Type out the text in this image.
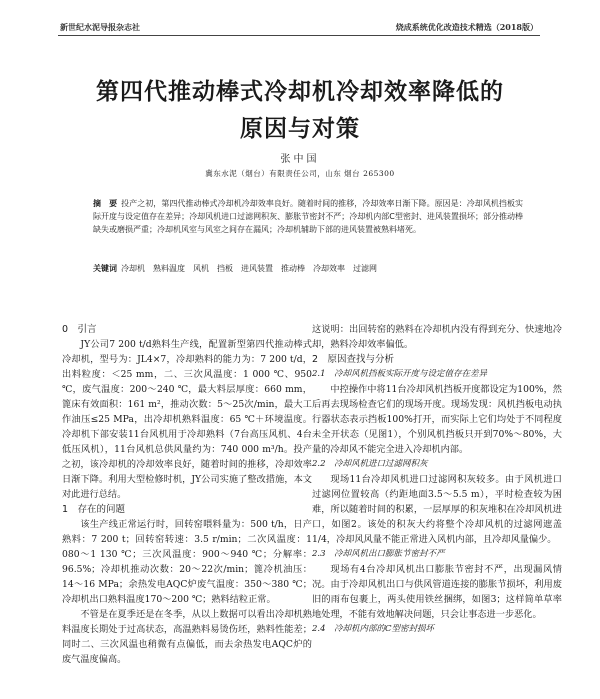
新世纪水泥导报杂志社	烧成系统优化改造技术精选（2018版）
第四代推动棒式冷却机冷却效率降低的
原因与对策
张中国
冀东水泥（烟台）有限责任公司，山东 烟台 265300
摘　要 投产之初，第四代推动棒式冷却机冷却效率良好。随着时间的推移，冷却效率日渐下降。原因是：冷却风机挡板实际开度与设定值存在差异；冷却风机进口过滤网积灰、膨胀节密封不严；冷却机内部C型密封、进风装置损坏；部分推动棒缺失或磨损严重；冷却机风室与风室之间存在漏风；冷却机辅助下部的进风装置被熟料堵死。
关键词 冷却机　熟料温度　风机　挡板　进风装置　推动棒　冷却效率　过滤网
0　引言

JY公司7 200 t/d熟料生产线，配置新型第四代推动棒式冷却机，型号为：JL4×7，冷却熟料的能力为：7 200 t/d，出料粒度：＜25 mm，二、三次风温度：1 000 ℃、950 ℃，废气温度：200～240 ℃，最大料层厚度：660 mm，篦床有效面积：161 m²，推动次数：5～25次/min，最大工作油压≤25 MPa，出冷却机熟料温度：65 ℃＋环境温度。冷却机下部安装11台风机用于冷却熟料（7台高压风机、4台低压风机），11台风机总供风量约为：740 000 m³/h。投产之初，该冷却机的冷却效率良好，随着时间的推移，冷却效率日渐下降。利用大型检修时机，JY公司实施了整改措施，本文对此进行总结。

1　存在的问题

该生产线正常运行时，回转窑喂料量为：500 t/h，日产熟料：7 200 t；回转窑转速：3.5 r/min；二次风温度：1 080～1 130 ℃；三次风温度：900～940 ℃；分解率：96.5%；冷却机推动次数：20～22次/min；篦冷机油压：14～16 MPa；余热发电AQC炉废气温度：350～380 ℃；冷却机出口熟料温度170～200 ℃；熟料结粒正常。

不管是在夏季还是在冬季，从以上数据可以看出冷却机熟料温度长期处于过高状态，高温熟料易烫伤坯，熟料性能差；同时二、三次风温也稍微有点偏低，而去余热发电AQC炉的废气温度偏高。

这说明：出回转窑的熟料在冷却机内没有得到充分、快速地冷却，熟料冷却效率偏低。

2　原因查找与分析
2.1　冷却风机挡板实际开度与设定值存在差异

中控操作中将11台冷却风机挡板开度都设定为100%，然后再去现场检查它们的现场开度。现场发现：风机挡板电动执行器状态表示挡板100%打开，而实际上它们均处于不同程度未全开状态（见图1），个别风机挡板只开到70%～80%，大量的冷却风不能完全进入冷却机内部。

2.2　冷却风机进口过滤网积灰

现场11台冷却风机进口过滤网积灰较多。由于风机进口过滤网位置较高（约距地面3.5～5.5 m），平时检查较为困难，所以随着时间的积累，一层厚厚的积灰堆积在冷却风机进口，如图2。该处的积灰大约将整个冷却风机的过滤网遮盖1/4，冷却风风量不能正常进入风机内部，且冷却风量偏少。

2.3　冷却风机出口膨胀节密封不严

现场有4台冷却风机出口膨胀节密封不严，出现漏风情况。由于冷却风机出口与供风管道连接的膨胀节损坏，利用废旧的雨布包裹上，两头使用铁丝捆绑，如图3；这样简单草率地处理，不能有效地解决问题，只会让事态进一步恶化。

2.4　冷却机内部的C型密封损坏
